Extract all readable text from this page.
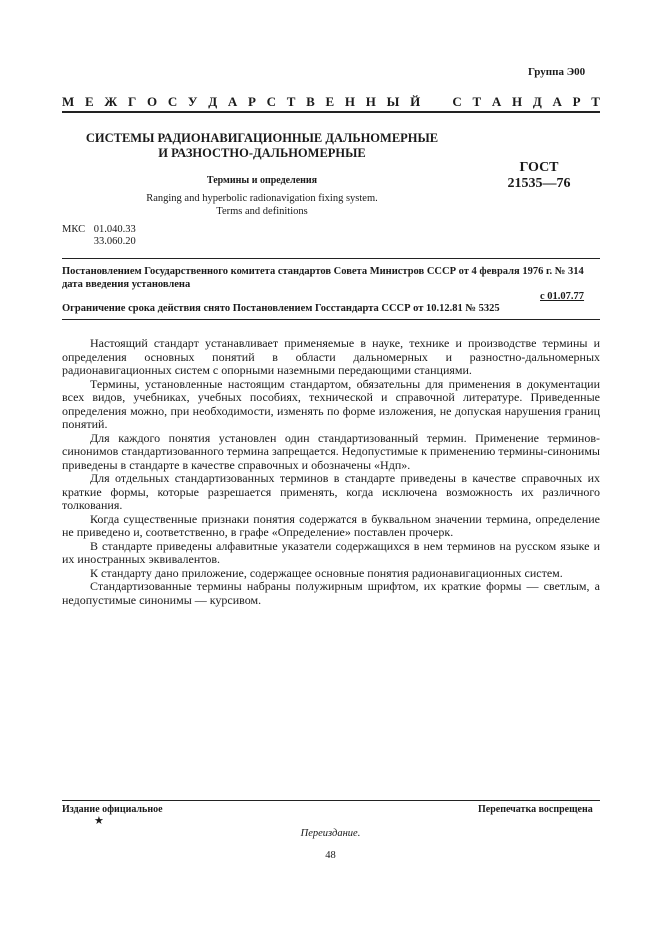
Группа Э00
М Е Ж Г О С У Д А Р С Т В Е Н Н Ы Й С Т А Н Д А Р Т
СИСТЕМЫ РАДИОНАВИГАЦИОННЫЕ ДАЛЬНОМЕРНЫЕ
И РАЗНОСТНО-ДАЛЬНОМЕРНЫЕ
Термины и определения
Ranging and hyperbolic radionavigation fixing system.
Terms and definitions
ГОСТ
21535—76
МКС 01.040.33
33.060.20
Постановлением Государственного комитета стандартов Совета Министров СССР от 4 февраля 1976 г. № 314
дата введения установлена
с 01.07.77
Ограничение срока действия снято Постановлением Госстандарта СССР от 10.12.81 № 5325

Настоящий стандарт устанавливает применяемые в науке, технике и производстве термины и определения основных понятий в области дальномерных и разностно-дальномерных радионавигационных систем с опорными наземными передающими станциями.

Термины, установленные настоящим стандартом, обязательны для применения в документации всех видов, учебниках, учебных пособиях, технической и справочной литературе. Приведенные определения можно, при необходимости, изменять по форме изложения, не допуская нарушения границ понятий.

Для каждого понятия установлен один стандартизованный термин. Применение терминов-синонимов стандартизованного термина запрещается. Недопустимые к применению термины-синонимы приведены в стандарте в качестве справочных и обозначены «Ндп».

Для отдельных стандартизованных терминов в стандарте приведены в качестве справочных их краткие формы, которые разрешается применять, когда исключена возможность их различного толкования.

Когда существенные признаки понятия содержатся в буквальном значении термина, определение не приведено и, соответственно, в графе «Определение» поставлен прочерк.

В стандарте приведены алфавитные указатели содержащихся в нем терминов на русском языке и их иностранных эквивалентов.

К стандарту дано приложение, содержащее основные понятия радионавигационных систем.

Стандартизованные термины набраны полужирным шрифтом, их краткие формы — светлым, а недопустимые синонимы — курсивом.

Издание официальное
★
Перепечатка воспрещена
Переиздание.
48
